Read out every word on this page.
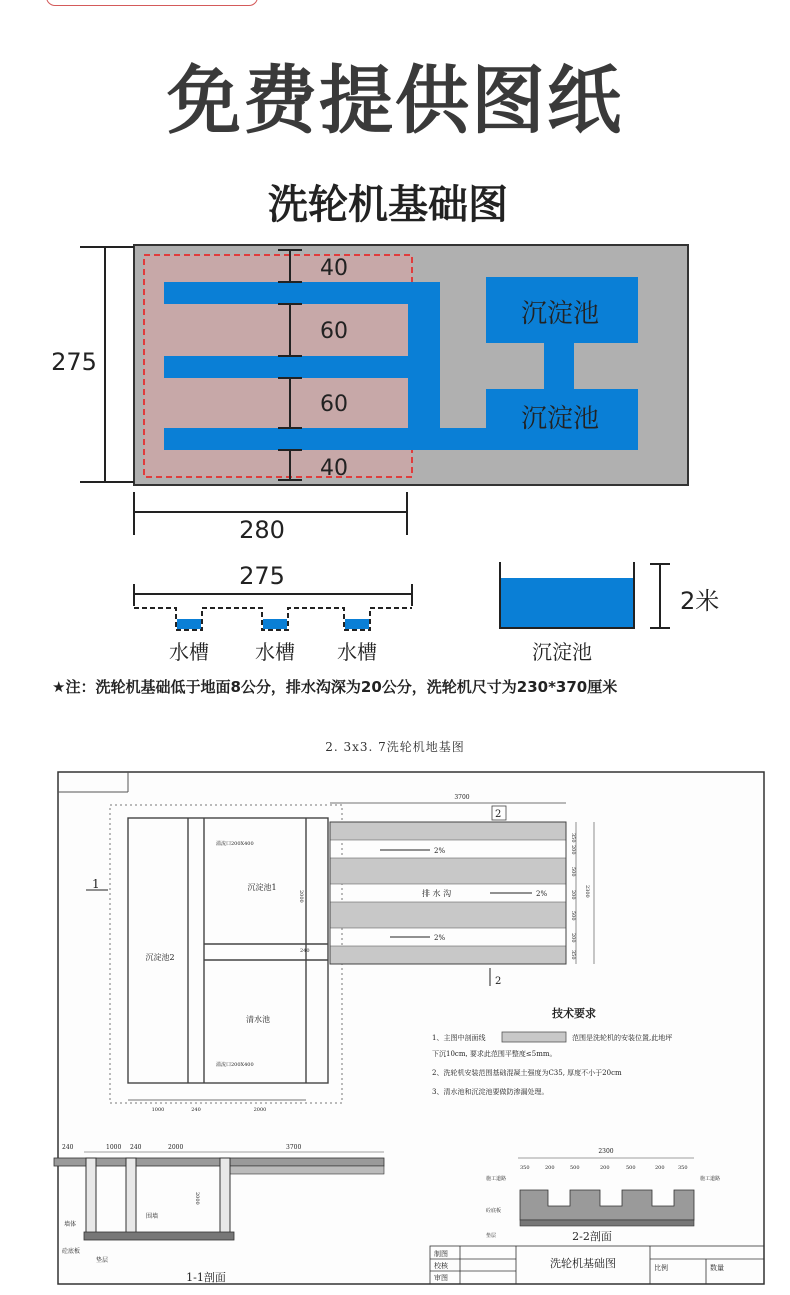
免费提供图纸
洗轮机基础图
沉淀池
沉淀池
40
60
60
40
275
280
275
水槽 水槽 水槽	沉淀池
2米
★注：洗轮机基础低于地面8公分，排水沟深为20公分，洗轮机尺寸为230*370厘米
2. 3x3. 7洗轮机地基图
沉淀池1
沉淀池2
清水池
溢流口200X400
溢流口200X400
2000
240
1
1000	240	2000
3700
2
2
2%
2%
2%
排 水 沟
350
200
500
200
500
200
350
2300
技术要求
1、主图中剖面线	范围是洗轮机的安装位置,此地坪
下沉10cm, 要求此范围平整度≤5mm。
2、洗轮机安装范围基础混凝土强度为C35, 厚度不小于20cm
3、清水池和沉淀池要做防渗漏处理。
240	1000 240	2000	3700
2000
墙体
围墙
砼底板
垫层
1-1剖面
2300
350	200	500	200	500	200	350
施工道路	施工道路
砼底板
垫层	2-2剖面
制图
校核
审图
比例	数量
洗轮机基础图
